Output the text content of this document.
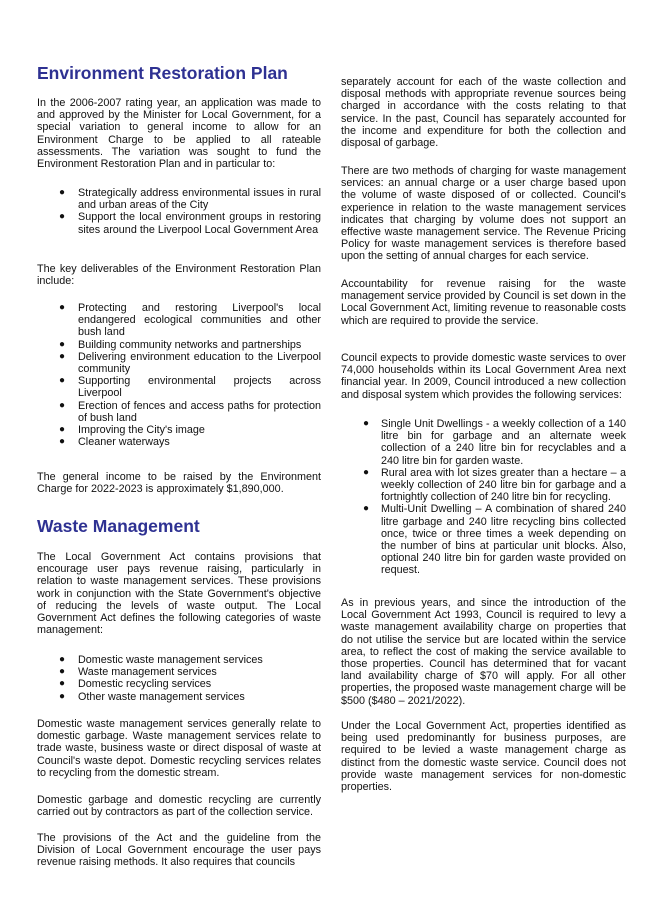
Environment Restoration Plan

In the 2006-2007 rating year, an application was made to and approved by the Minister for Local Government, for a special variation to general income to allow for an Environment Charge to be applied to all rateable assessments. The variation was sought to fund the Environment Restoration Plan and in particular to:

● Strategically address environmental issues in rural and urban areas of the City
● Support the local environment groups in restoring sites around the Liverpool Local Government Area

The key deliverables of the Environment Restoration Plan include:

● Protecting and restoring Liverpool's local endangered ecological communities and other bush land
● Building community networks and partnerships
● Delivering environment education to the Liverpool community
● Supporting environmental projects across Liverpool
● Erection of fences and access paths for protection of bush land
● Improving the City's image
● Cleaner waterways

The general income to be raised by the Environment Charge for 2022-2023 is approximately $1,890,000.

Waste Management

The Local Government Act contains provisions that encourage user pays revenue raising, particularly in relation to waste management services. These provisions work in conjunction with the State Government's objective of reducing the levels of waste output. The Local Government Act defines the following categories of waste management:

● Domestic waste management services
● Waste management services
● Domestic recycling services
● Other waste management services

Domestic waste management services generally relate to domestic garbage. Waste management services relate to trade waste, business waste or direct disposal of waste at Council's waste depot. Domestic recycling services relates to recycling from the domestic stream.

Domestic garbage and domestic recycling are currently carried out by contractors as part of the collection service.

The provisions of the Act and the guideline from the Division of Local Government encourage the user pays revenue raising methods. It also requires that councils

separately account for each of the waste collection and disposal methods with appropriate revenue sources being charged in accordance with the costs relating to that service. In the past, Council has separately accounted for the income and expenditure for both the collection and disposal of garbage.

There are two methods of charging for waste management services: an annual charge or a user charge based upon the volume of waste disposed of or collected. Council's experience in relation to the waste management services indicates that charging by volume does not support an effective waste management service. The Revenue Pricing Policy for waste management services is therefore based upon the setting of annual charges for each service.

Accountability for revenue raising for the waste management service provided by Council is set down in the Local Government Act, limiting revenue to reasonable costs which are required to provide the service.

Council expects to provide domestic waste services to over 74,000 households within its Local Government Area next financial year. In 2009, Council introduced a new collection and disposal system which provides the following services:

● Single Unit Dwellings - a weekly collection of a 140 litre bin for garbage and an alternate week collection of a 240 litre bin for recyclables and a 240 litre bin for garden waste.
● Rural area with lot sizes greater than a hectare – a weekly collection of 240 litre bin for garbage and a fortnightly collection of 240 litre bin for recycling.
● Multi-Unit Dwelling – A combination of shared 240 litre garbage and 240 litre recycling bins collected once, twice or three times a week depending on the number of bins at particular unit blocks. Also, optional 240 litre bin for garden waste provided on request.

As in previous years, and since the introduction of the Local Government Act 1993, Council is required to levy a waste management availability charge on properties that do not utilise the service but are located within the service area, to reflect the cost of making the service available to those properties. Council has determined that for vacant land availability charge of $70 will apply. For all other properties, the proposed waste management charge will be $500 ($480 – 2021/2022).

Under the Local Government Act, properties identified as being used predominantly for business purposes, are required to be levied a waste management charge as distinct from the domestic waste service. Council does not provide waste management services for non-domestic properties.
